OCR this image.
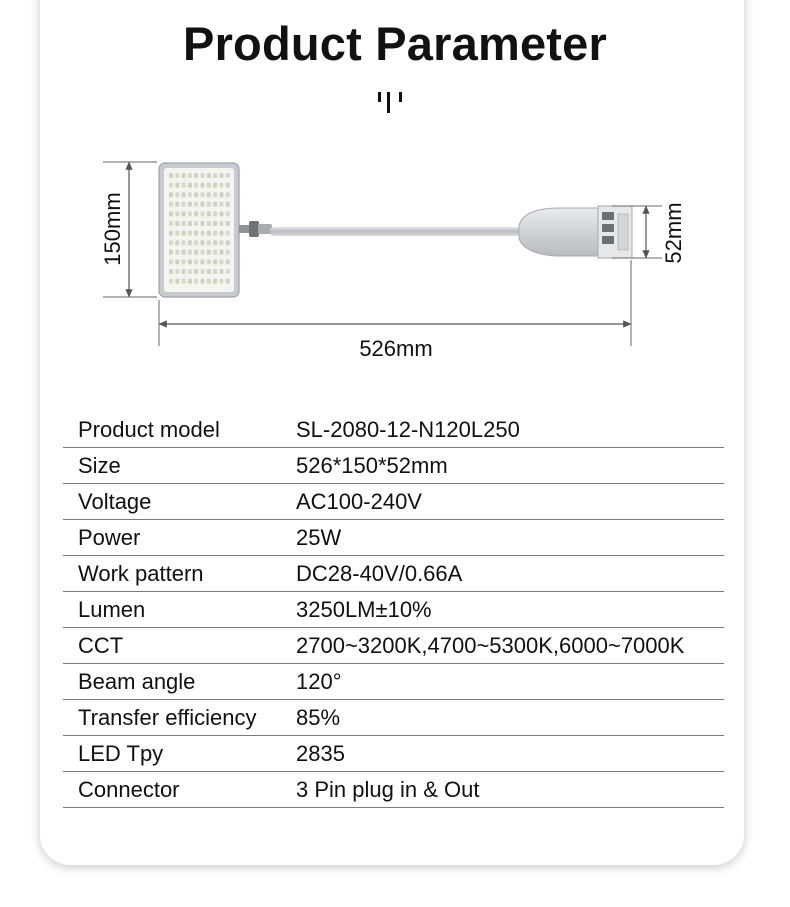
Product Parameter
150mm	52mm
526mm
Product model	SL-2080-12-N120L250
Size	526*150*52mm
Voltage	AC100-240V
Power	25W
Work pattern	DC28-40V/0.66A
Lumen	3250LM±10%
CCT	2700~3200K,4700~5300K,6000~7000K
Beam angle	120°
Transfer efficiency	85%
LED Tpy	2835
Connector	3 Pin plug in & Out
